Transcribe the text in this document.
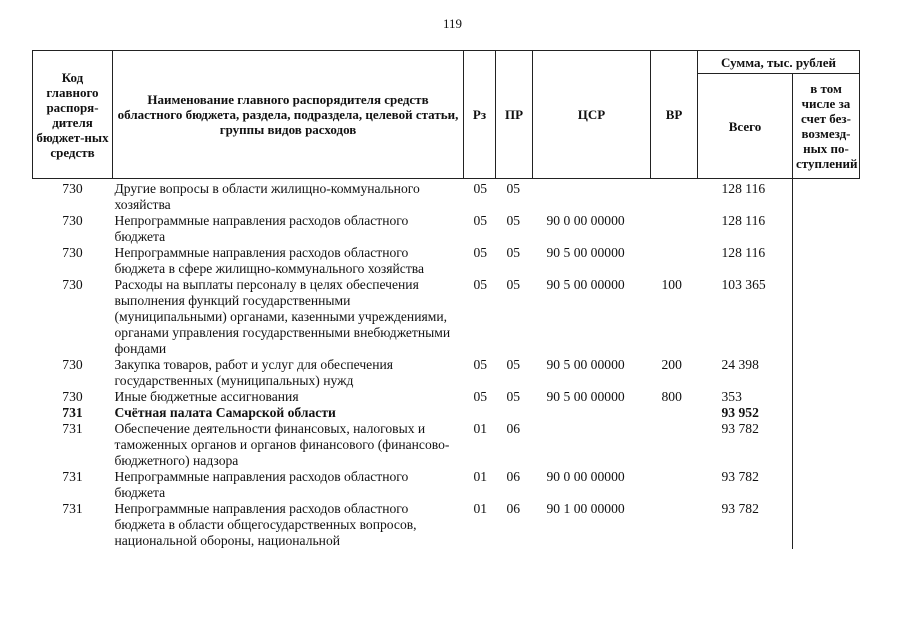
119
Код главного распоря-дителя бюджет-ных средств	Наименование главного распорядителя средств областного бюджета, раздела, подраздела, целевой статьи, группы видов расходов	Рз	ПР	ЦСР	ВР	Сумма, тыс. рублей	
						Всего	в том числе за счет без-возмезд-ных по-ступлений
730	Другие вопросы в области жилищно-коммунального хозяйства	05	05			128 116	
730	Непрограммные направления расходов областного бюджета	05	05	90 0 00 00000		128 116	
730	Непрограммные направления расходов областного бюджета в сфере жилищно-коммунального хозяйства	05	05	90 5 00 00000		128 116	
730	Расходы на выплаты персоналу в целях обеспечения выполнения функций государственными (муниципальными) органами, казенными учреждениями, органами управления государственными внебюджетными фондами	05	05	90 5 00 00000	100	103 365	
730	Закупка товаров, работ и услуг для обеспечения государственных (муниципальных) нужд	05	05	90 5 00 00000	200	24 398	
730	Иные бюджетные ассигнования	05	05	90 5 00 00000	800	353	
731	Счётная палата Самарской области					93 952	
731	Обеспечение деятельности финансовых, налоговых и таможенных органов и органов финансового (финансово-бюджетного) надзора	01	06			93 782	
731	Непрограммные направления расходов областного бюджета	01	06	90 0 00 00000		93 782	
731	Непрограммные направления расходов областного бюджета в области общегосударственных вопросов, национальной обороны, национальной	01	06	90 1 00 00000		93 782	
